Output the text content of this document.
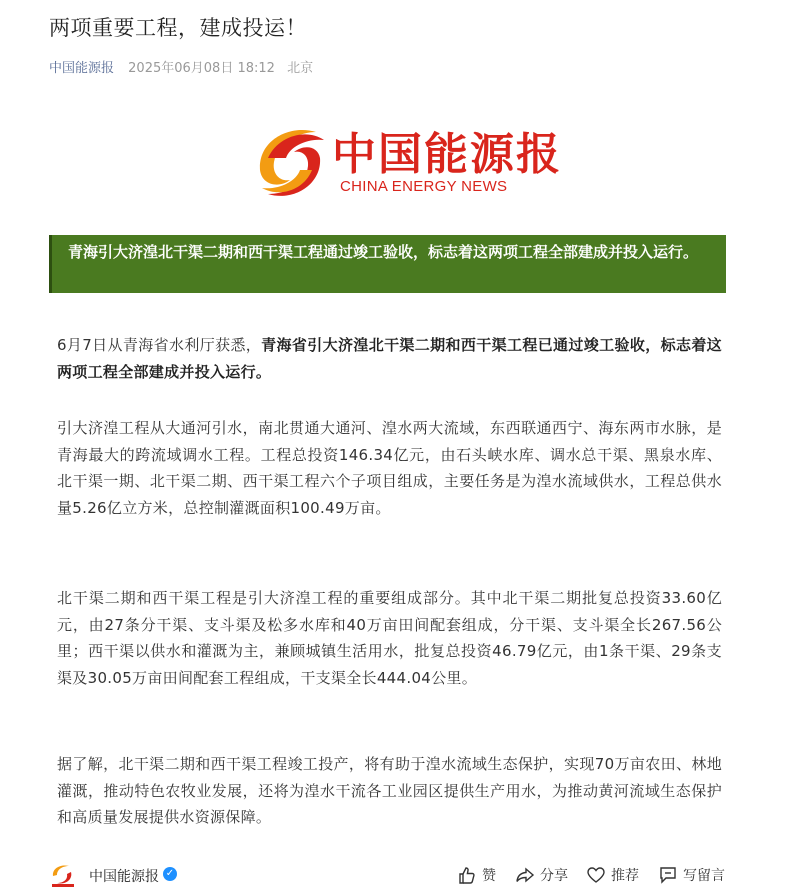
两项重要工程，建成投运！
中国能源报 2025年06月08日 18:12 北京
中国能源报
CHINA ENERGY NEWS
青海引大济湟北干渠二期和西干渠工程通过竣工验收，标志着这两项工程全部建成并投入运行。

6月7日从青海省水利厅获悉，青海省引大济湟北干渠二期和西干渠工程已通过竣工验收，标志着这两项工程全部建成并投入运行。

引大济湟工程从大通河引水，南北贯通大通河、湟水两大流域，东西联通西宁、海东两市水脉，是青海最大的跨流域调水工程。工程总投资146.34亿元，由石头峡水库、调水总干渠、黑泉水库、北干渠一期、北干渠二期、西干渠工程六个子项目组成，主要任务是为湟水流域供水，工程总供水量5.26亿立方米，总控制灌溉面积100.49万亩。

北干渠二期和西干渠工程是引大济湟工程的重要组成部分。其中北干渠二期批复总投资33.60亿元，由27条分干渠、支斗渠及松多水库和40万亩田间配套组成，分干渠、支斗渠全长267.56公里；西干渠以供水和灌溉为主，兼顾城镇生活用水，批复总投资46.79亿元，由1条干渠、29条支渠及30.05万亩田间配套工程组成，干支渠全长444.04公里。

据了解，北干渠二期和西干渠工程竣工投产，将有助于湟水流域生态保护，实现70万亩农田、林地灌溉，推动特色农牧业发展，还将为湟水干流各工业园区提供生产用水，为推动黄河流域生态保护和高质量发展提供水资源保障。

中国能源报 ✓	赞	分享	推荐	写留言
